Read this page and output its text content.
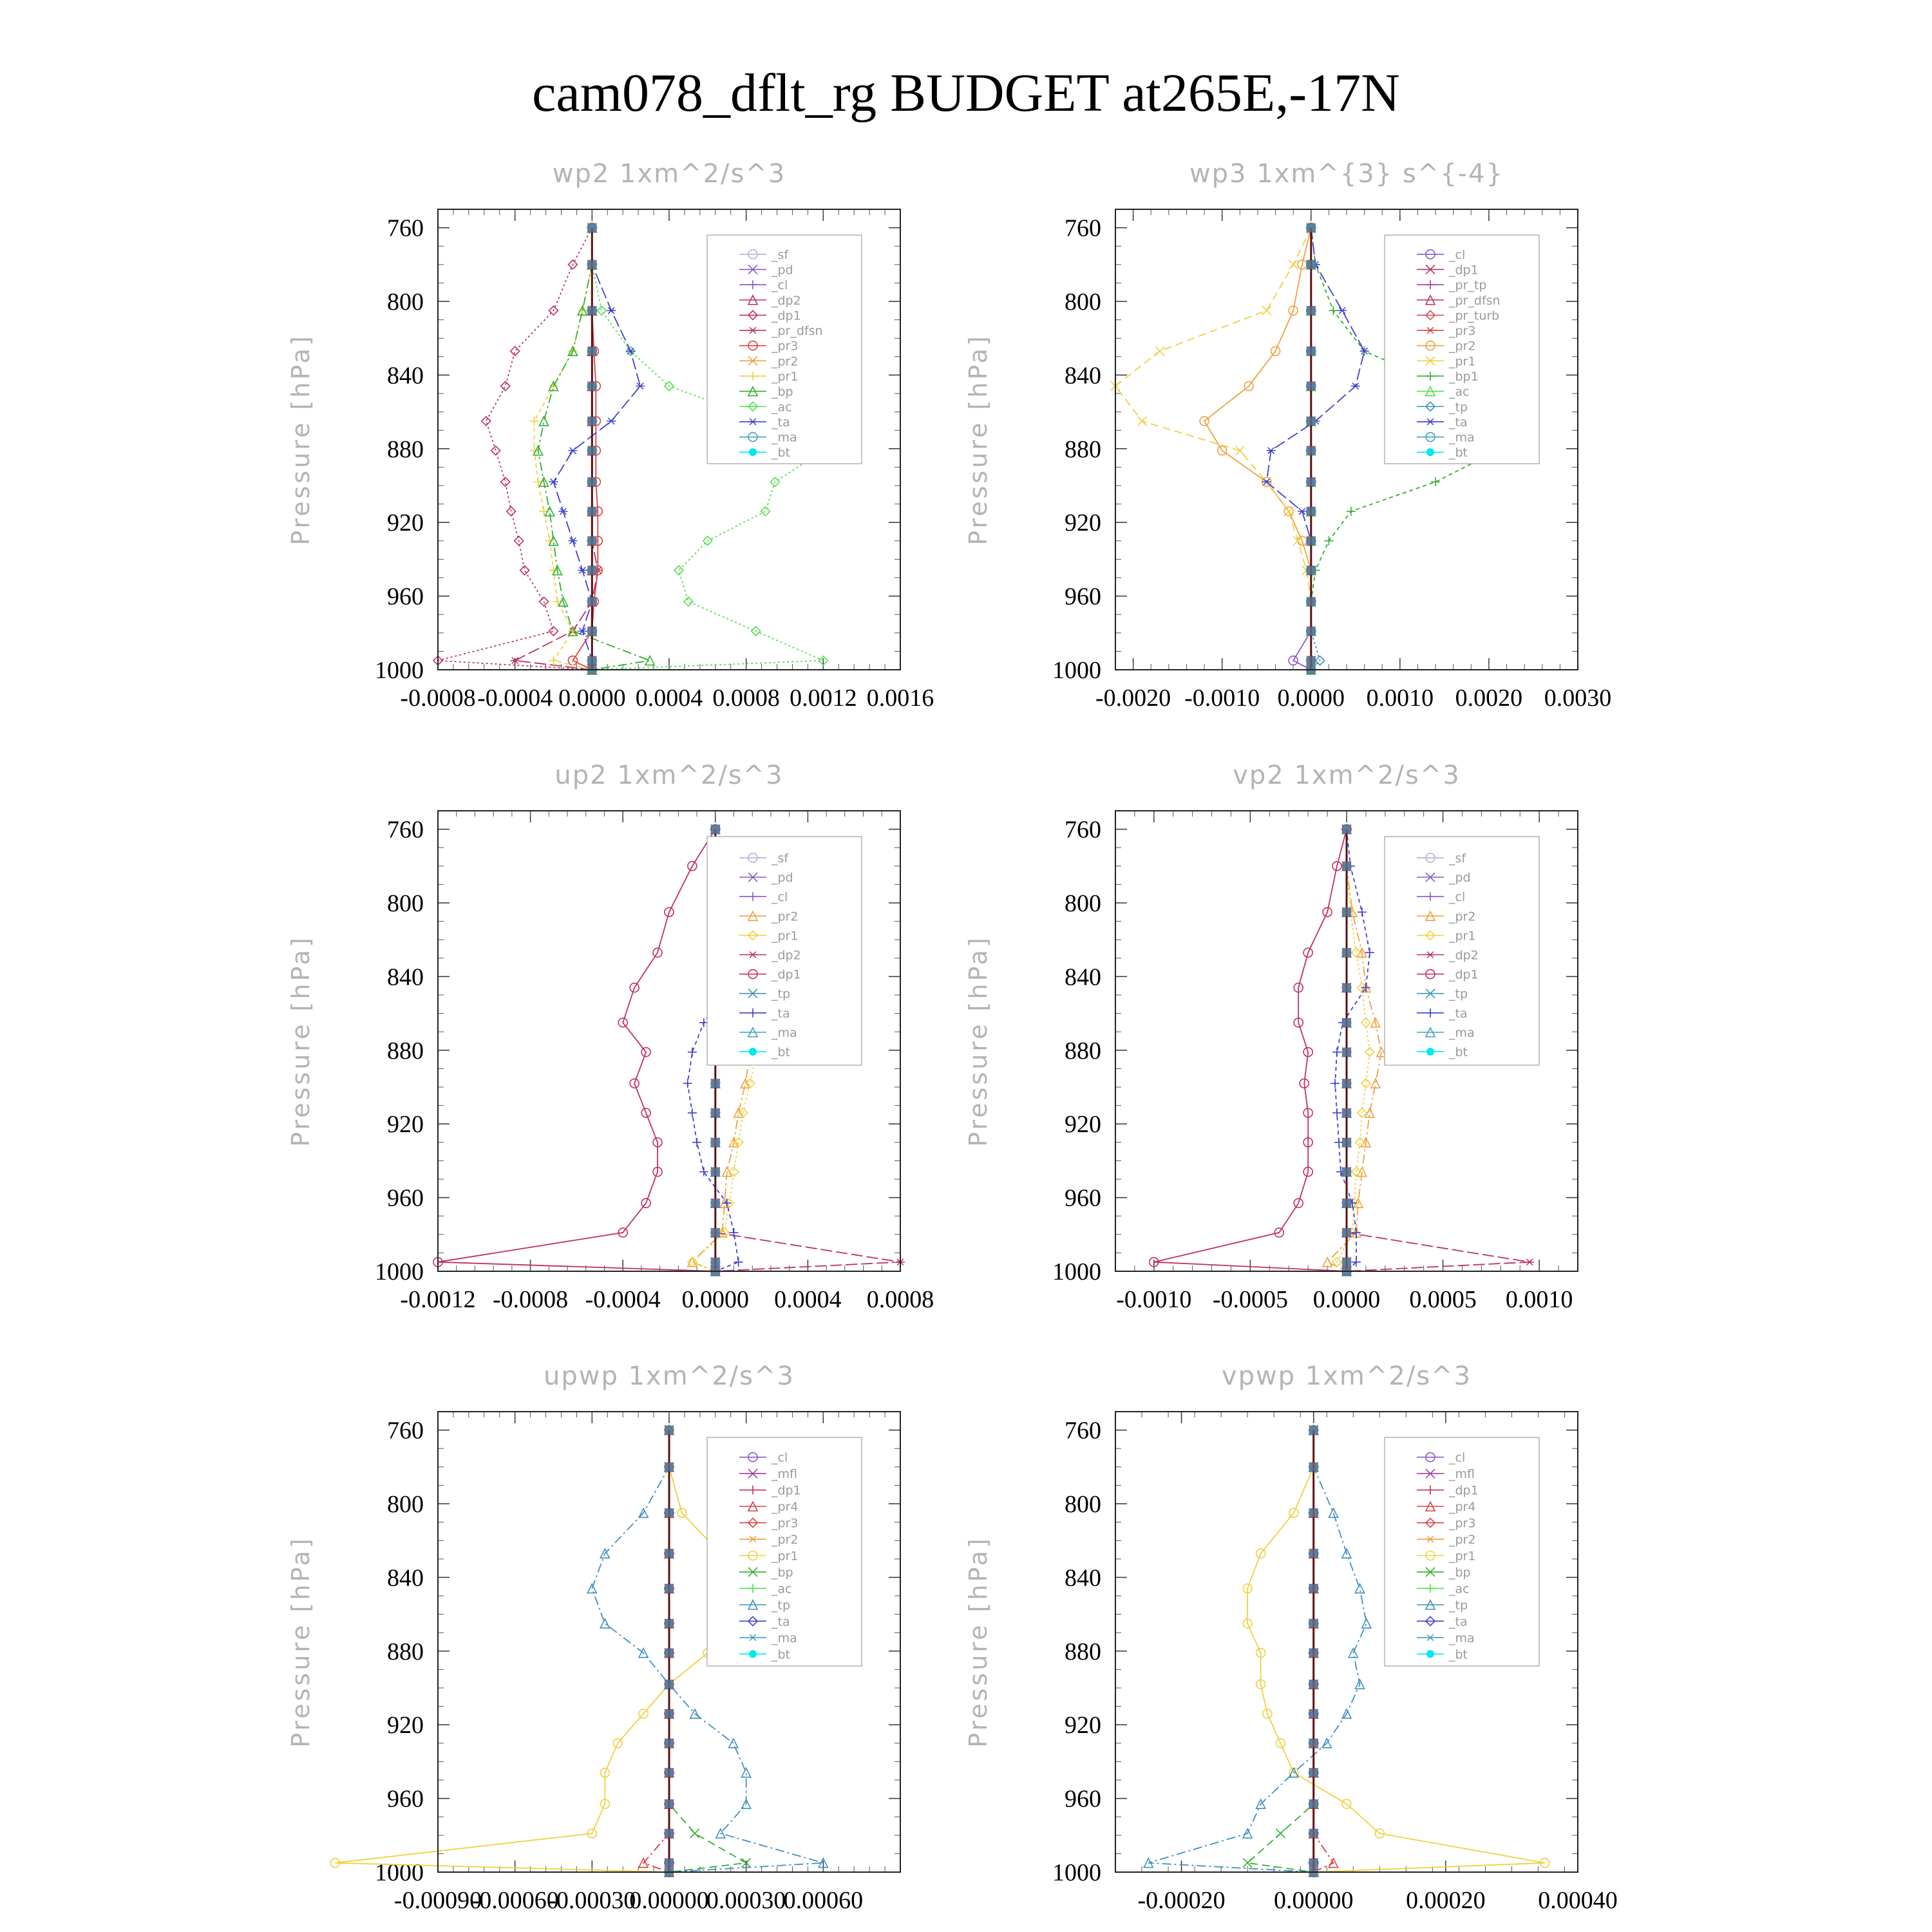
cam078_dflt_rg BUDGET at265E,-17N
wp2 1xm^2/s^3
Pressure [hPa]
760
800
840
880
920
960
1000
-0.0008 -0.0004 0.0000 0.0004 0.0008 0.0012 0.0016
_sf
_pd
_cl
_dp2
_dp1
_pr_dfsn
_pr3
_pr2
_pr1
_bp
_ac
_ta
_ma
_bt
wp3 1xm^{3} s^{-4}
Pressure [hPa]
760
800
840
880
920
960
1000
-0.0020 -0.0010 0.0000 0.0010 0.0020 0.0030
_cl
_dp1
_pr_tp
_pr_dfsn
_pr_turb
_pr3
_pr2
_pr1
_bp1
_ac
_tp
_ta
_ma
_bt
up2 1xm^2/s^3
Pressure [hPa]
760
800
840
880
920
960
1000
-0.0012 -0.0008 -0.0004 0.0000 0.0004 0.0008
_sf
_pd
_cl
_pr2
_pr1
_dp2
_dp1
_tp
_ta
_ma
_bt
vp2 1xm^2/s^3
Pressure [hPa]
760
800
840
880
920
960
1000
-0.0010 -0.0005 0.0000 0.0005 0.0010
_sf
_pd
_cl
_pr2
_pr1
_dp2
_dp1
_tp
_ta
_ma
_bt
upwp 1xm^2/s^3
Pressure [hPa]
760
800
840
880
920
960
1000
-0.00090
-0.00060
-0.00030
0.00000
0.00030
0.00060
_cl
_mfl
_dp1
_pr4
_pr3
_pr2
_pr1
_bp
_ac
_tp
_ta
_ma
_bt
vpwp 1xm^2/s^3
Pressure [hPa]
760
800
840
880
920
960
1000
-0.00020 0.00000 0.00020 0.00040
_cl
_mfl
_dp1
_pr4
_pr3
_pr2
_pr1
_bp
_ac
_tp
_ta
_ma
_bt
